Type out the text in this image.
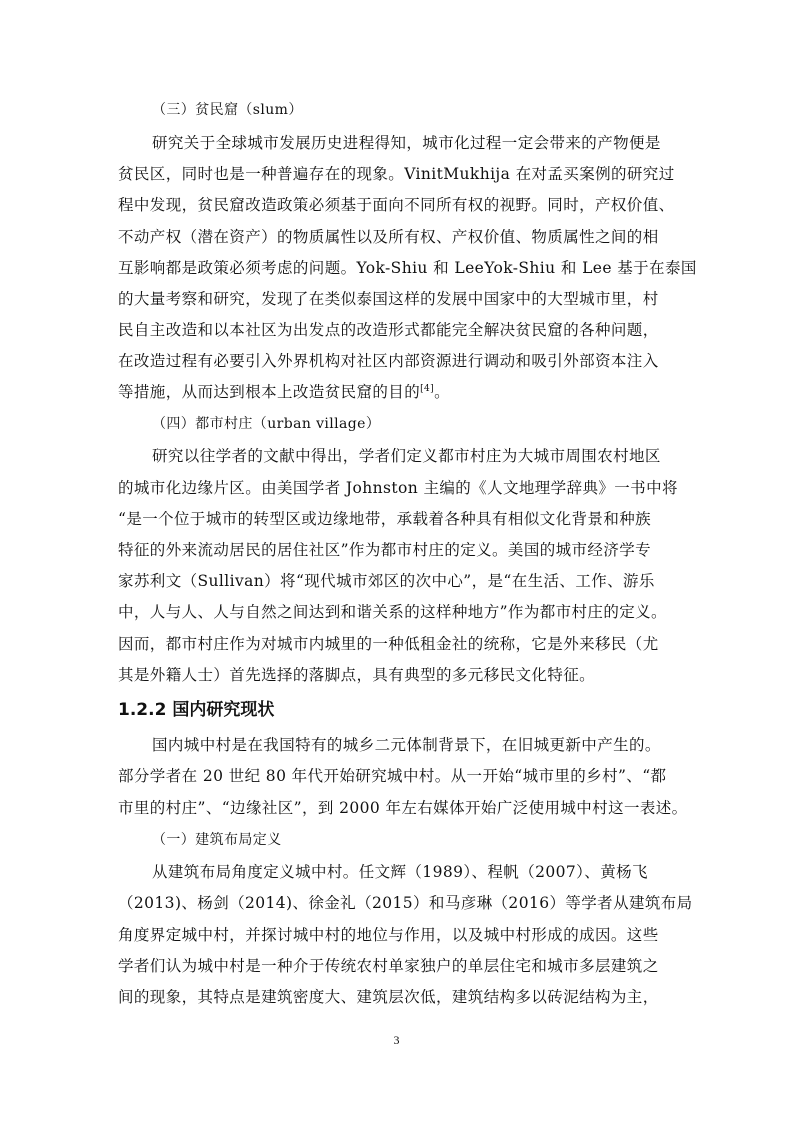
（三）贫民窟（slum）
研究关于全球城市发展历史进程得知，城市化过程一定会带来的产物便是
贫民区，同时也是一种普遍存在的现象。VinitMukhija 在对孟买案例的研究过
程中发现，贫民窟改造政策必须基于面向不同所有权的视野。同时，产权价值、
不动产权（潜在资产）的物质属性以及所有权、产权价值、物质属性之间的相
互影响都是政策必须考虑的问题。Yok-Shiu 和 LeeYok-Shiu 和 Lee 基于在泰国
的大量考察和研究，发现了在类似泰国这样的发展中国家中的大型城市里，村
民自主改造和以本社区为出发点的改造形式都能完全解决贫民窟的各种问题，
在改造过程有必要引入外界机构对社区内部资源进行调动和吸引外部资本注入
等措施，从而达到根本上改造贫民窟的目的[4]。
（四）都市村庄（urban village）
研究以往学者的文献中得出，学者们定义都市村庄为大城市周围农村地区
的城市化边缘片区。由美国学者 Johnston 主编的《人文地理学辞典》一书中将
“是一个位于城市的转型区或边缘地带，承载着各种具有相似文化背景和种族
特征的外来流动居民的居住社区”作为都市村庄的定义。美国的城市经济学专
家苏利文（Sullivan）将“现代城市郊区的次中心”，是“在生活、工作、游乐
中，人与人、人与自然之间达到和谐关系的这样种地方”作为都市村庄的定义。
因而，都市村庄作为对城市内城里的一种低租金社的统称，它是外来移民（尤
其是外籍人士）首先选择的落脚点，具有典型的多元移民文化特征。
1.2.2 国内研究现状
国内城中村是在我国特有的城乡二元体制背景下，在旧城更新中产生的。
部分学者在 20 世纪 80 年代开始研究城中村。从一开始“城市里的乡村”、“都
市里的村庄”、“边缘社区”，到 2000 年左右媒体开始广泛使用城中村这一表述。
（一）建筑布局定义
从建筑布局角度定义城中村。任文辉（1989）、程帆（2007）、黄杨飞
（2013)、杨剑（2014)、徐金礼（2015）和马彦琳（2016）等学者从建筑布局
角度界定城中村，并探讨城中村的地位与作用，以及城中村形成的成因。这些
学者们认为城中村是一种介于传统农村单家独户的单层住宅和城市多层建筑之
间的现象，其特点是建筑密度大、建筑层次低，建筑结构多以砖泥结构为主，
3
